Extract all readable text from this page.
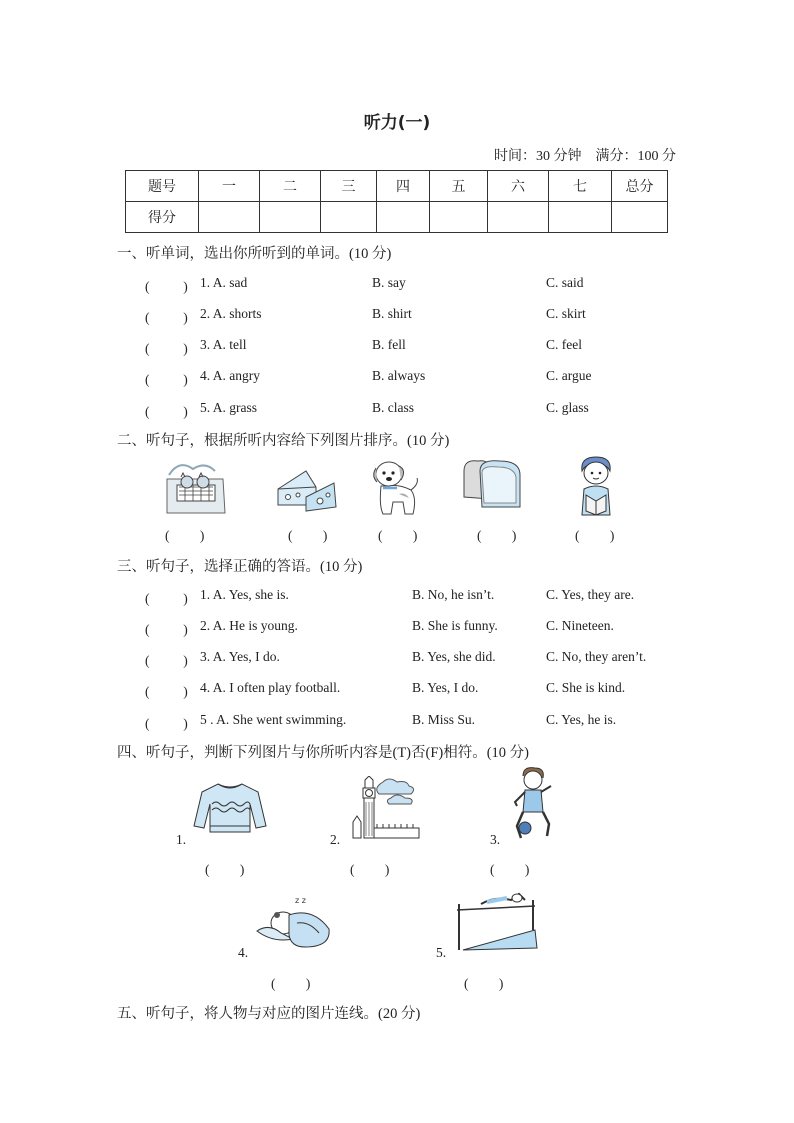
听力(一)
时间：30 分钟　满分：100 分
题号	一	二	三	四	五	六	七	总分
得分								
一、听单词，选出你所听到的单词。(10 分)
(　 　 ) 1. A. sad	B. say	C. said
(　 　 ) 2. A. shorts	B. shirt	C. skirt
(　 　 ) 3. A. tell	B. fell	C. feel
(　 　 ) 4. A. angry	B. always	C. argue
(　 　 ) 5. A. grass	B. class	C. glass
二、听句子，根据所听内容给下列图片排序。(10 分)
(　　 )	(　　 )	(　　 )	(　　 )	(　　 )
三、听句子，选择正确的答语。(10 分)
(　 　 ) 1. A. Yes, she is.	B. No, he isn’t.	C. Yes, they are.
(　 　 ) 2. A. He is young.	B. She is funny.	C. Nineteen.
(　 　 ) 3. A. Yes, I do.	B. Yes, she did.	C. No, they aren’t.
(　 　 ) 4. A. I often play football.	B. Yes, I do.	C. She is kind.
(　 　 ) 5 . A. She went swimming.	B. Miss Su.	C. Yes, he is.
四、听句子，判断下列图片与你所听内容是(T)否(F)相符。(10 分)
1.
(　　 )
2.
(　　 )
3.
(　　 )
z z
4.
(　　 )
5.
(　　 )
五、听句子，将人物与对应的图片连线。(20 分)
